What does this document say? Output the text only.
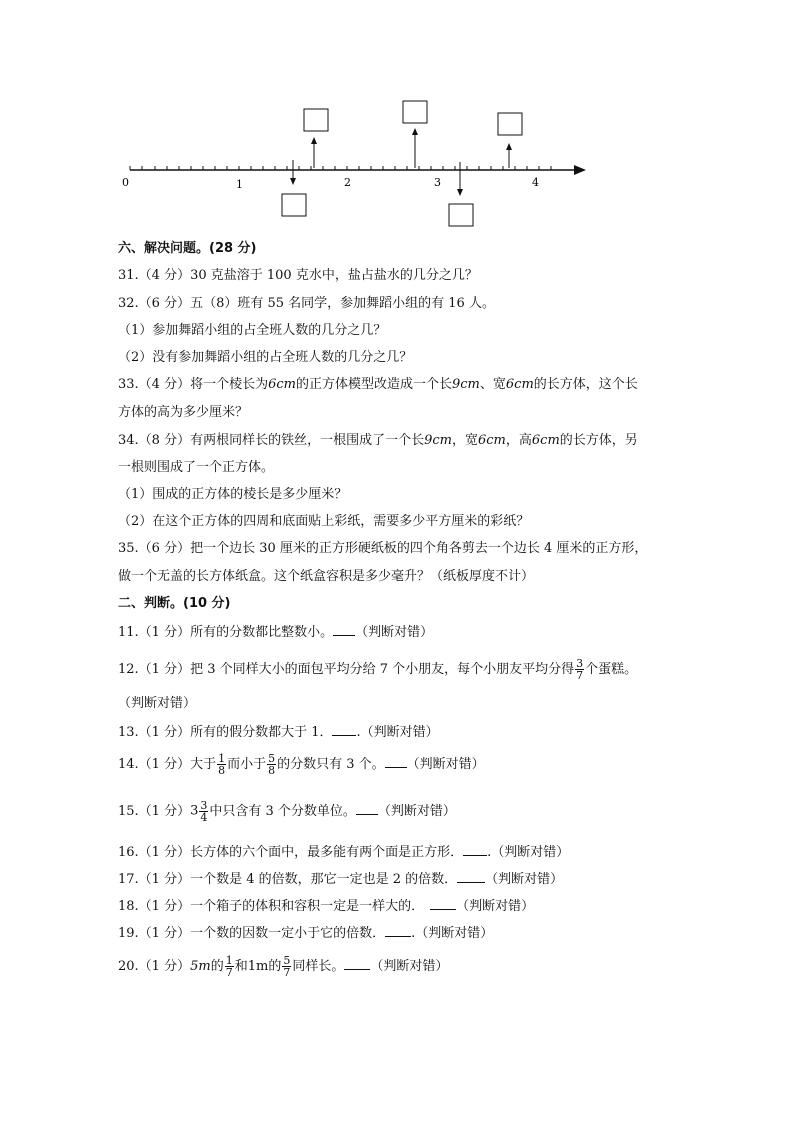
0	1	2	3	4
六、解决问题。(28 分)
31.（4 分）30 克盐溶于 100 克水中，盐占盐水的几分之几？
32.（6 分）五（8）班有 55 名同学，参加舞蹈小组的有 16 人。
（1）参加舞蹈小组的占全班人数的几分之几？
（2）没有参加舞蹈小组的占全班人数的几分之几？
33.（4 分）将一个棱长为6cm的正方体模型改造成一个长9cm、宽6cm的长方体，这个长
方体的高为多少厘米？
34.（8 分）有两根同样长的铁丝，一根围成了一个长9cm，宽6cm，高6cm的长方体，另
一根则围成了一个正方体。
（1）围成的正方体的棱长是多少厘米？
（2）在这个正方体的四周和底面贴上彩纸，需要多少平方厘米的彩纸？
35.（6 分）把一个边长 30 厘米的正方形硬纸板的四个角各剪去一个边长 4 厘米的正方形，
做一个无盖的长方体纸盒。这个纸盒容积是多少毫升？（纸板厚度不计）
二、判断。(10 分)
11.（1 分）所有的分数都比整数小。 （判断对错）
12.（1 分）把 3 个同样大小的面包平均分给 7 个小朋友，每个小朋友平均分得 $\frac{3}{7}$ 个蛋糕。
（判断对错）
13.（1 分）所有的假分数都大于 1． .（判断对错）
14.（1 分）大于 $\frac{1}{8}$ 而小于 $\frac{5}{8}$ 的分数只有 3 个。 （判断对错）
15.（1 分）$3 \frac{3}{4}$ 中只含有 3 个分数单位。 （判断对错）
16.（1 分）长方体的六个面中，最多能有两个面是正方形． .（判断对错）
17.（1 分）一个数是 4 的倍数，那它一定也是 2 的倍数． （判断对错）
18.（1 分）一个箱子的体积和容积一定是一样大的． （判断对错）
19.（1 分）一个数的因数一定小于它的倍数． .（判断对错）
20.（1 分）5m的 $\frac{1}{7}$ 和1m的 $\frac{5}{7}$ 同样长。 （判断对错）
